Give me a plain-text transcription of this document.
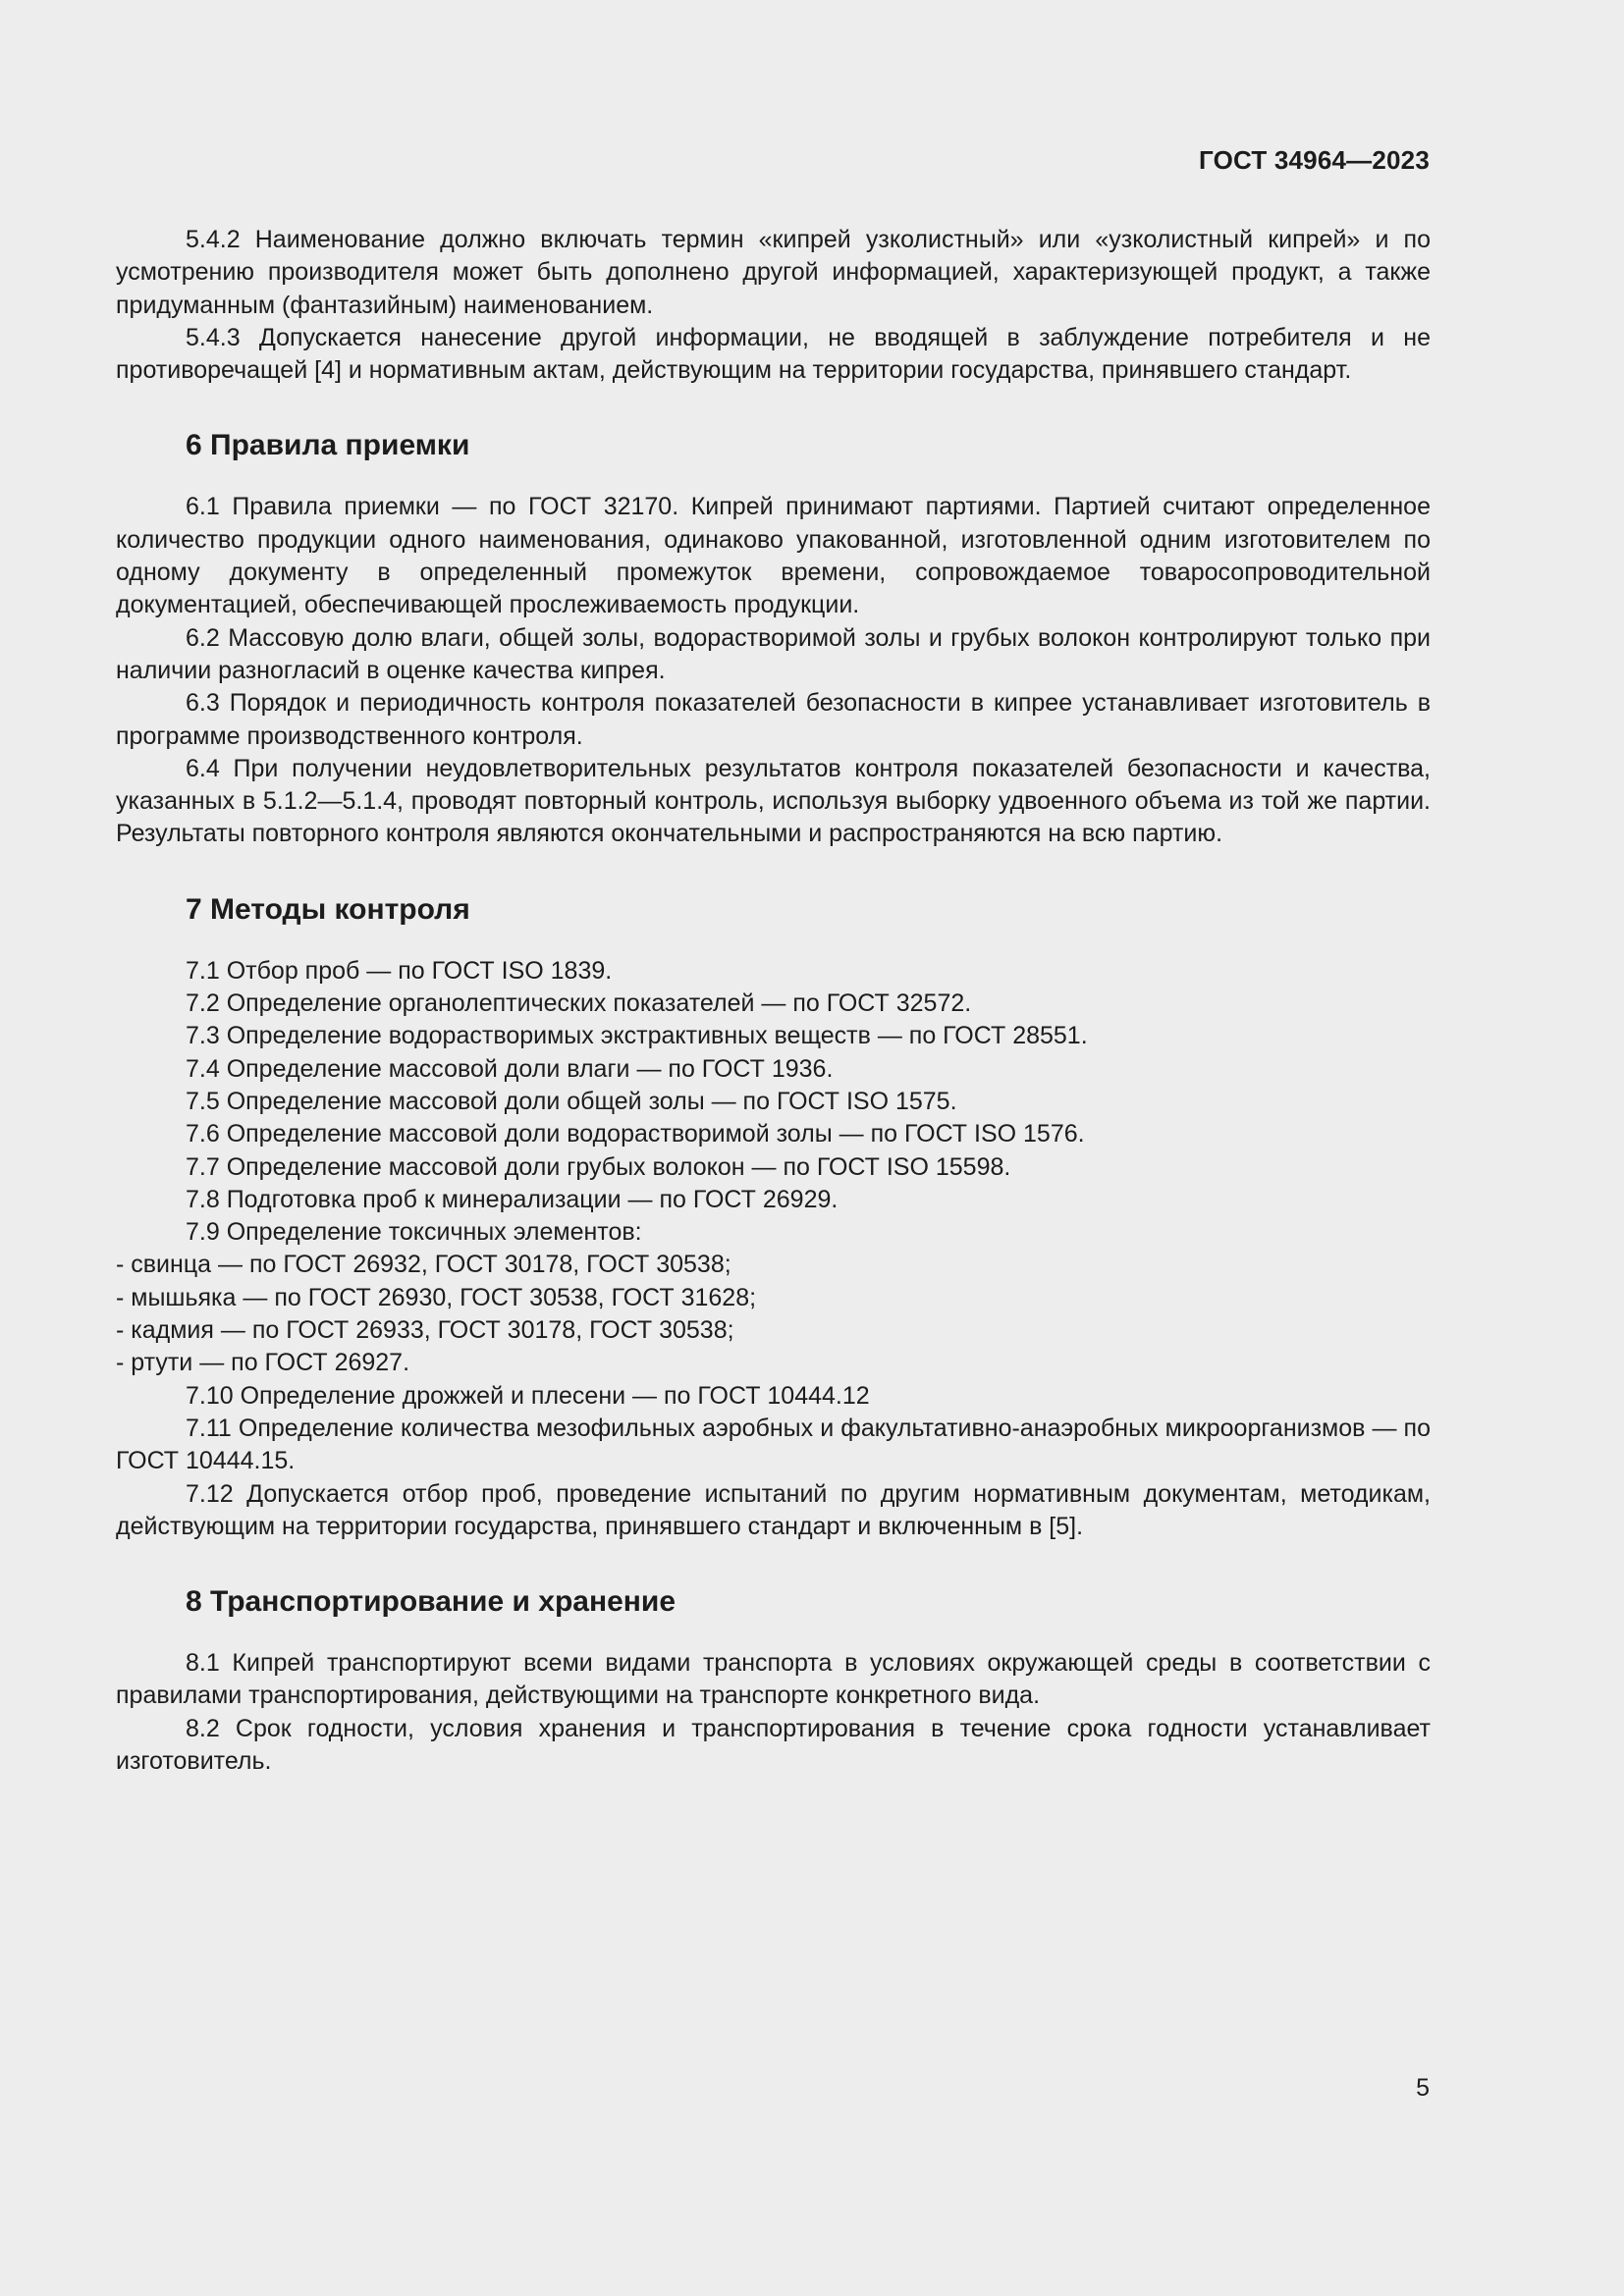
ГОСТ 34964—2023

5.4.2 Наименование должно включать термин «кипрей узколистный» или «узколистный кипрей» и по усмотрению производителя может быть дополнено другой информацией, характеризующей продукт, а также придуманным (фантазийным) наименованием.

5.4.3 Допускается нанесение другой информации, не вводящей в заблуждение потребителя и не противоречащей [4] и нормативным актам, действующим на территории государства, принявшего стандарт.

6 Правила приемки

6.1 Правила приемки — по ГОСТ 32170. Кипрей принимают партиями. Партией считают определенное количество продукции одного наименования, одинаково упакованной, изготовленной одним изготовителем по одному документу в определенный промежуток времени, сопровождаемое товаросопроводительной документацией, обеспечивающей прослеживаемость продукции.

6.2 Массовую долю влаги, общей золы, водорастворимой золы и грубых волокон контролируют только при наличии разногласий в оценке качества кипрея.

6.3 Порядок и периодичность контроля показателей безопасности в кипрее устанавливает изготовитель в программе производственного контроля.

6.4 При получении неудовлетворительных результатов контроля показателей безопасности и качества, указанных в 5.1.2—5.1.4, проводят повторный контроль, используя выборку удвоенного объема из той же партии. Результаты повторного контроля являются окончательными и распространяются на всю партию.

7 Методы контроля

7.1 Отбор проб — по ГОСТ ISO 1839.

7.2 Определение органолептических показателей — по ГОСТ 32572.

7.3 Определение водорастворимых экстрактивных веществ — по ГОСТ 28551.

7.4 Определение массовой доли влаги — по ГОСТ 1936.

7.5 Определение массовой доли общей золы — по ГОСТ ISO 1575.

7.6 Определение массовой доли водорастворимой золы — по ГОСТ ISO 1576.

7.7 Определение массовой доли грубых волокон — по ГОСТ ISO 15598.

7.8 Подготовка проб к минерализации — по ГОСТ 26929.

7.9 Определение токсичных элементов:

- свинца — по ГОСТ 26932, ГОСТ 30178, ГОСТ 30538;

- мышьяка — по ГОСТ 26930, ГОСТ 30538, ГОСТ 31628;

- кадмия — по ГОСТ 26933, ГОСТ 30178, ГОСТ 30538;

- ртути — по ГОСТ 26927.

7.10 Определение дрожжей и плесени — по ГОСТ 10444.12

7.11 Определение количества мезофильных аэробных и факультативно-анаэробных микроорганизмов — по ГОСТ 10444.15.

7.12 Допускается отбор проб, проведение испытаний по другим нормативным документам, методикам, действующим на территории государства, принявшего стандарт и включенным в [5].

8 Транспортирование и хранение

8.1 Кипрей транспортируют всеми видами транспорта в условиях окружающей среды в соответствии с правилами транспортирования, действующими на транспорте конкретного вида.

8.2 Срок годности, условия хранения и транспортирования в течение срока годности устанавливает изготовитель.

5
